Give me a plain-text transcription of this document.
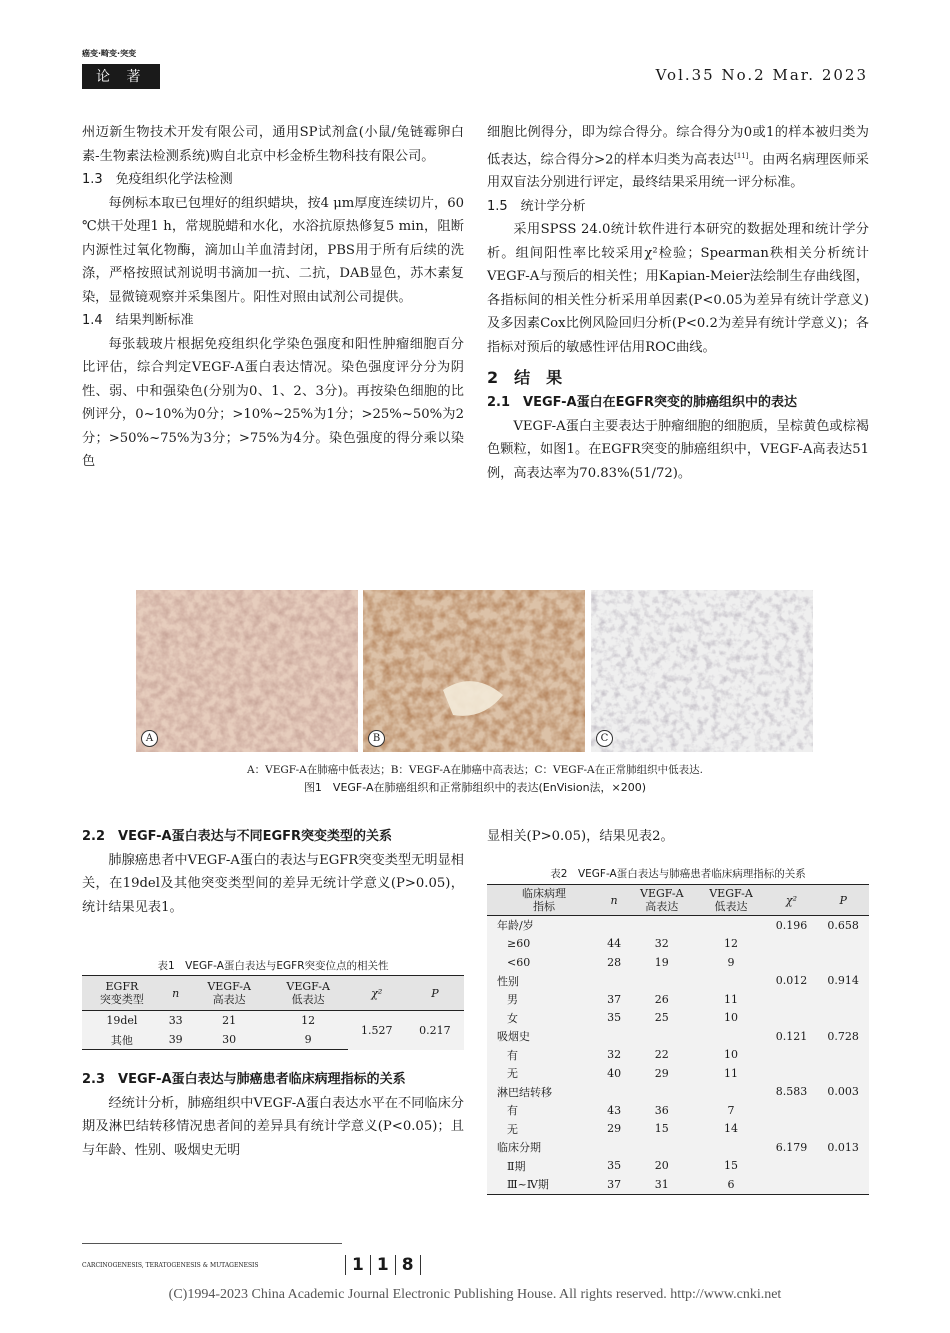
癌变·畸变·突变
论 著	Vol.35 No.2 Mar. 2023

州迈新生物技术开发有限公司，通用SP试剂盒(小鼠/兔链霉卵白素-生物素法检测系统)购自北京中杉金桥生物科技有限公司。

1.3　免疫组织化学法检测

每例标本取已包埋好的组织蜡块，按4 μm厚度连续切片，60 ℃烘干处理1 h，常规脱蜡和水化，水浴抗原热修复5 min，阻断内源性过氧化物酶，滴加山羊血清封闭，PBS用于所有后续的洗涤，严格按照试剂说明书滴加一抗、二抗，DAB显色，苏木素复染，显微镜观察并采集图片。阳性对照由试剂公司提供。

1.4　结果判断标准

每张载玻片根据免疫组织化学染色强度和阳性肿瘤细胞百分比评估，综合判定VEGF-A蛋白表达情况。染色强度评分分为阴性、弱、中和强染色(分别为0、1、2、3分)。再按染色细胞的比例评分，0~10%为0分；>10%~25%为1分；>25%~50%为2分；>50%~75%为3分；>75%为4分。染色强度的得分乘以染色

细胞比例得分，即为综合得分。综合得分为0或1的样本被归类为低表达，综合得分>2的样本归类为高表达[11]。由两名病理医师采用双盲法分别进行评定，最终结果采用统一评分标准。

1.5　统计学分析

采用SPSS 24.0统计软件进行本研究的数据处理和统计学分析。组间阳性率比较采用χ²检验；Spearman秩相关分析统计VEGF-A与预后的相关性；用Kapian-Meier法绘制生存曲线图，各指标间的相关性分析采用单因素(P<0.05为差异有统计学意义)及多因素Cox比例风险回归分析(P<0.2为差异有统计学意义)；各指标对预后的敏感性评估用ROC曲线。

2　结　果
2.1　VEGF-A蛋白在EGFR突变的肺癌组织中的表达

VEGF-A蛋白主要表达于肿瘤细胞的细胞质，呈棕黄色或棕褐色颗粒，如图1。在EGFR突变的肺癌组织中，VEGF-A高表达51例，高表达率为70.83%(51/72)。

A	B	C
A：VEGF-A在肺癌中低表达；B：VEGF-A在肺癌中高表达；C：VEGF-A在正常肺组织中低表达.
图1　VEGF-A在肺癌组织和正常肺组织中的表达(EnVision法，×200)
2.2　VEGF-A蛋白表达与不同EGFR突变类型的关系

肺腺癌患者中VEGF-A蛋白的表达与EGFR突变类型无明显相关，在19del及其他突变类型间的差异无统计学意义(P>0.05)，统计结果见表1。

表1　VEGF-A蛋白表达与EGFR突变位点的相关性
EGFR
突变类型	n	VEGF-A
高表达	VEGF-A
低表达	χ²	P
19del	33	21	12	1.527	0.217
其他	39	30	9		
2.3　VEGF-A蛋白表达与肺癌患者临床病理指标的关系

经统计分析，肺癌组织中VEGF-A蛋白表达水平在不同临床分期及淋巴结转移情况患者间的差异具有统计学意义(P<0.05)；且与年龄、性别、吸烟史无明

显相关(P>0.05)，结果见表2。

表2　VEGF-A蛋白表达与肺癌患者临床病理指标的关系
临床病理
指标	n	VEGF-A
高表达	VEGF-A
低表达	χ²	P
年龄/岁				0.196	0.658
≥60	44	32	12		
<60	28	19	9		
性别				0.012	0.914
男	37	26	11		
女	35	25	10		
吸烟史				0.121	0.728
有	32	22	10		
无	40	29	11		
淋巴结转移				8.583	0.003
有	43	36	7		
无	29	15	14		
临床分期				6.179	0.013
Ⅱ期	35	20	15		
Ⅲ~Ⅳ期	37	31	6		
CARCINOGENESIS, TERATOGENESIS & MUTAGENESIS	1 1 8
(C)1994-2023 China Academic Journal Electronic Publishing House. All rights reserved. http://www.cnki.net
